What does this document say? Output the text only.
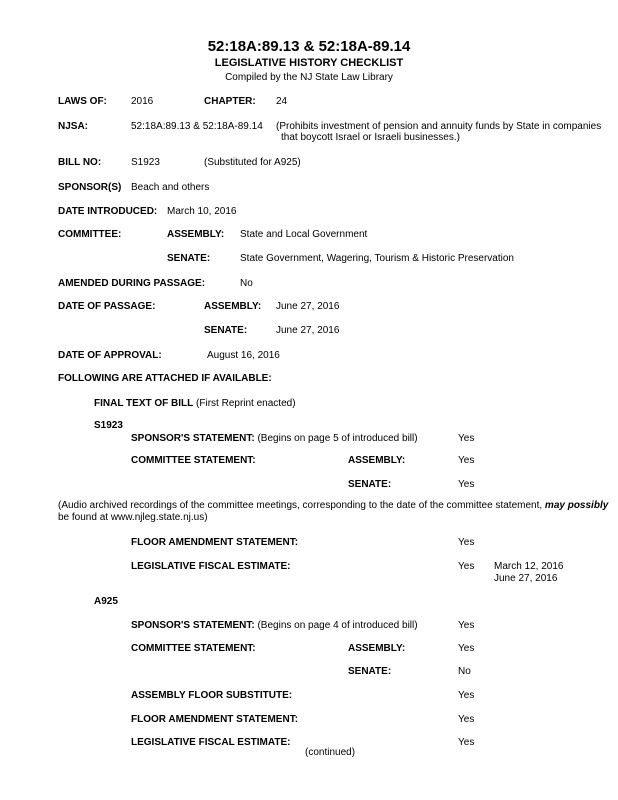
52:18A:89.13 & 52:18A-89.14
LEGISLATIVE HISTORY CHECKLIST
Compiled by the NJ State Law Library
LAWS OF: 2016	CHAPTER: 24
NJSA:	52:18A:89.13 & 52:18A-89.14 (Prohibits investment of pension and annuity funds by State in companies
that boycott Israel or Israeli businesses.)
BILL NO:	S1923	(Substituted for A925)
SPONSOR(S) Beach and others
DATE INTRODUCED: March 10, 2016
COMMITTEE:	ASSEMBLY: State and Local Government
SENATE:	State Government, Wagering, Tourism & Historic Preservation
AMENDED DURING PASSAGE:	No
DATE OF PASSAGE:	ASSEMBLY: June 27, 2016
SENATE:	June 27, 2016
DATE OF APPROVAL:	August 16, 2016
FOLLOWING ARE ATTACHED IF AVAILABLE:
FINAL TEXT OF BILL (First Reprint enacted)
S1923
SPONSOR'S STATEMENT: (Begins on page 5 of introduced bill)	Yes
COMMITTEE STATEMENT:	ASSEMBLY:	Yes
SENATE:	Yes
(Audio archived recordings of the committee meetings, corresponding to the date of the committee statement, may possibly
be found at www.njleg.state.nj.us)
FLOOR AMENDMENT STATEMENT:	Yes
LEGISLATIVE FISCAL ESTIMATE:	Yes March 12, 2016
June 27, 2016
A925
SPONSOR'S STATEMENT: (Begins on page 4 of introduced bill)	Yes
COMMITTEE STATEMENT:	ASSEMBLY:	Yes
SENATE:	No
ASSEMBLY FLOOR SUBSTITUTE:	Yes
FLOOR AMENDMENT STATEMENT:	Yes
LEGISLATIVE FISCAL ESTIMATE:	Yes
(continued)
